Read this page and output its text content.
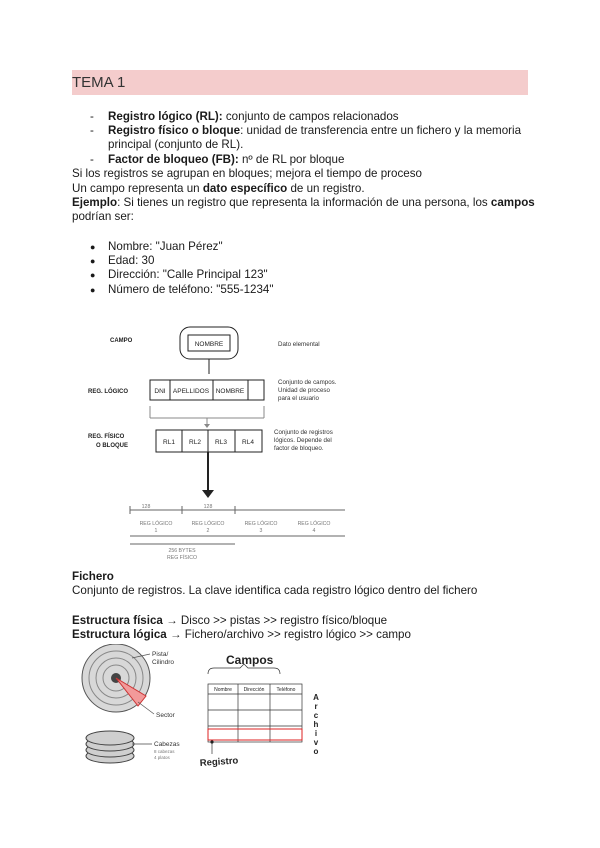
TEMA 1
- Registro lógico (RL): conjunto de campos relacionados
- Registro físico o bloque: unidad de transferencia entre un fichero y la memoria
principal (conjunto de RL).
- Factor de bloqueo (FB): nº de RL por bloque
Si los registros se agrupan en bloques; mejora el tiempo de proceso
Un campo representa un dato específico de un registro.
Ejemplo: Si tienes un registro que representa la información de una persona, los campos
podrían ser:
● Nombre: "Juan Pérez"
● Edad: 30
● Dirección: "Calle Principal 123"
● Número de teléfono: "555-1234"
NOMBRE
DNI APELLIDOS NOMBRE
RL1 RL2 RL3 RL4
CAMPO
REG. LÓGICO
REG. FÍSICO
O BLOQUE
Dato elemental
Conjunto de campos.
Unidad de proceso
para el usuario
Conjunto de registros
lógicos. Depende del
factor de bloqueo.
128	128
REG LÓGICO
1
REG LÓGICO
2
REG LÓGICO
3
REG LÓGICO
4
256 BYTES
REG FÍSICO
Fichero
Conjunto de registros. La clave identifica cada registro lógico dentro del fichero
Estructura física → Disco >> pistas >> registro físico/bloque
Estructura lógica → Fichero/archivo >> registro lógico >> campo
Pista/
Cilindro
Sector
Cabezas
8 cabezas
4 platos
Campos
Nombre Dirección Teléfono
A
r
c
h
i
v
o
Registro
